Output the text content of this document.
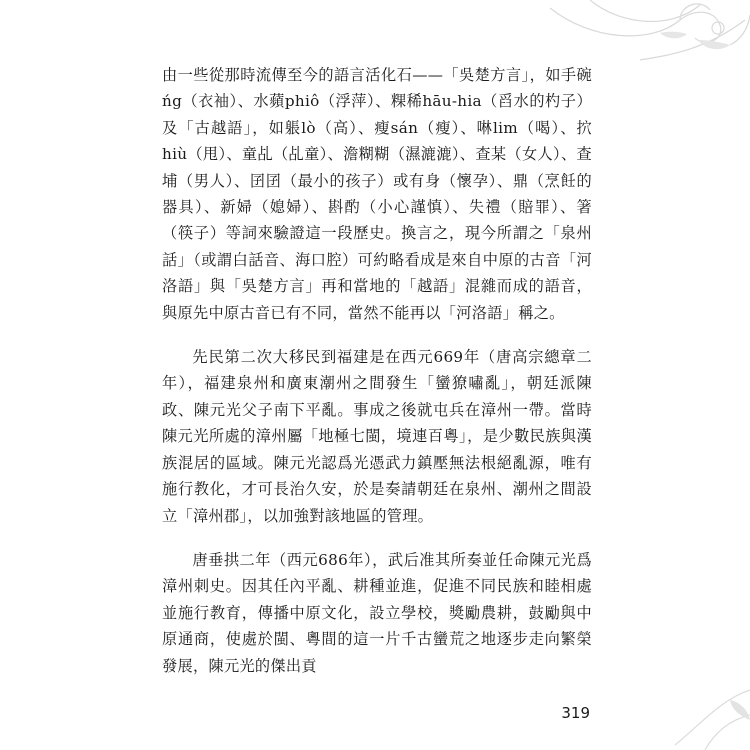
由一些從那時流傳至今的語言活化石——「吳楚方言」，如手碗ńg（衣袖）、水蘋phiô（浮萍）、粿稀hāu-hia（舀水的杓子）及「古越語」，如躼lò（高）、瘦sán（瘦）、啉lim（喝）、㧒hiù（甩）、童乩（乩童）、澹糊糊（濕漉漉）、查某（女人）、查埔（男人）、囝囝（最小的孩子）或有身（懷孕）、鼎（烹飪的器具）、新婦（媳婦）、斟酌（小心謹慎）、失禮（賠罪）、箸（筷子）等詞來驗證這一段歷史。換言之，現今所謂之「泉州話」（或謂白話音、海口腔）可約略看成是來自中原的古音「河洛語」與「吳楚方言」再和當地的「越語」混雜而成的語音，與原先中原古音已有不同，當然不能再以「河洛語」稱之。

先民第二次大移民到福建是在西元669年（唐高宗總章二年），福建泉州和廣東潮州之間發生「蠻獠嘯亂」，朝廷派陳政、陳元光父子南下平亂。事成之後就屯兵在漳州一帶。當時陳元光所處的漳州屬「地極七閩，境連百粵」，是少數民族與漢族混居的區域。陳元光認爲光憑武力鎮壓無法根絕亂源，唯有施行教化，才可長治久安，於是奏請朝廷在泉州、潮州之間設立「漳州郡」，以加強對該地區的管理。

唐垂拱二年（西元686年），武后准其所奏並任命陳元光爲漳州刺史。因其任內平亂、耕種並進，促進不同民族和睦相處並施行教育，傳播中原文化，設立學校，獎勵農耕，鼓勵與中原通商，使處於閩、粵間的這一片千古蠻荒之地逐步走向繁榮發展，陳元光的傑出貢

319
